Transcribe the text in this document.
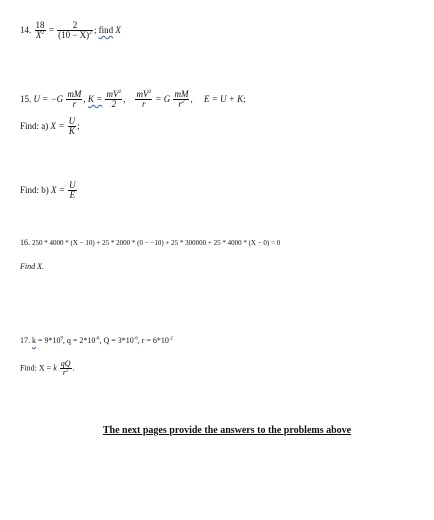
14. $\frac{18}{X^2} = \frac{2}{(10 - X)^2}$ ; find X
15. $U = -G \frac{mM}{r}$ , $K = \frac{mV^2}{2}$ , $\frac{mV^2}{r} = G \frac{mM}{r^2}$ , E = U + K;
Find: a) $X = \frac{U}{K}$ ;
Find: b) $X = \frac{U}{E}$
16. 250 * 4000 * (X − 10) + 25 * 2000 * (0 − −10) + 25 * 300000 + 25 * 4000 * (X − 0) = 0
Find X.
17. $k = 9*10^9$, $q = 2*10^{-6}$, $Q = 3*10^{-6}$, $r = 6*10^{-2}$
Find: X = k $\frac{qQ}{r^2}$ .
The next pages provide the answers to the problems above
